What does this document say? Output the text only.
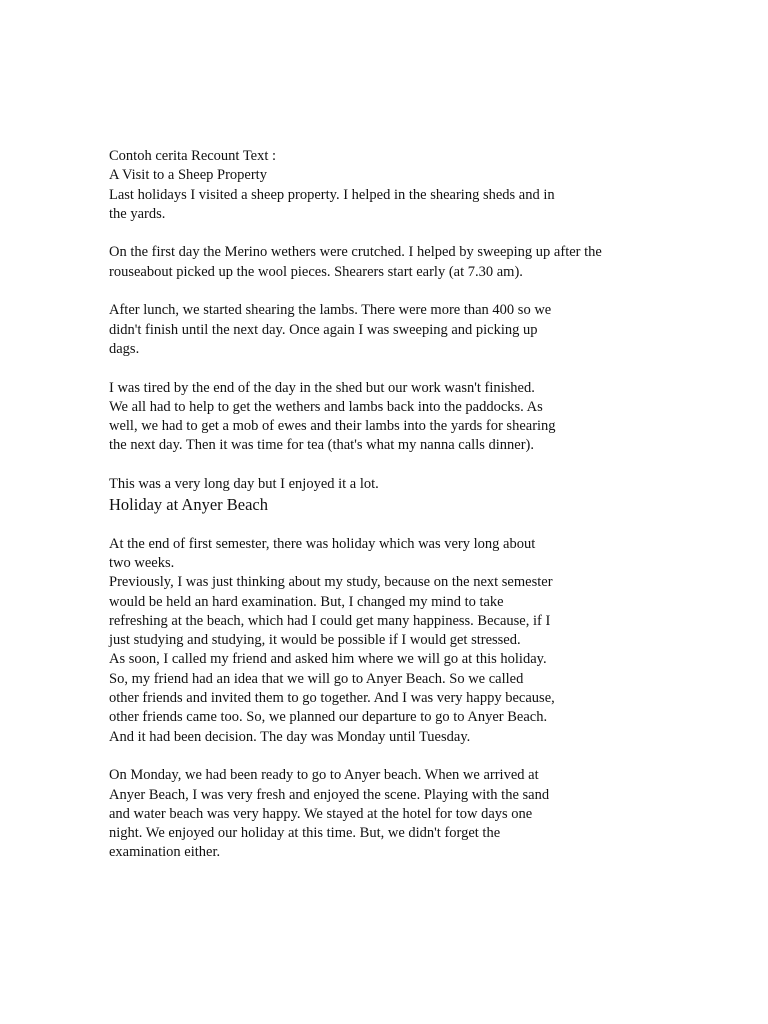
Contoh cerita Recount Text :
A Visit to a Sheep Property
Last holidays I visited a sheep property. I helped in the shearing sheds and in
the yards.
On the first day the Merino wethers were crutched. I helped by sweeping up after the
rouseabout picked up the wool pieces. Shearers start early (at 7.30 am).
After lunch, we started shearing the lambs. There were more than 400 so we
didn't finish until the next day. Once again I was sweeping and picking up
dags.
I was tired by the end of the day in the shed but our work wasn't finished.
We all had to help to get the wethers and lambs back into the paddocks. As
well, we had to get a mob of ewes and their lambs into the yards for shearing
the next day. Then it was time for tea (that's what my nanna calls dinner).
This was a very long day but I enjoyed it a lot.
Holiday at Anyer Beach
At the end of first semester, there was holiday which was very long about
two weeks.
Previously, I was just thinking about my study, because on the next semester
would be held an hard examination. But, I changed my mind to take
refreshing at the beach, which had I could get many happiness. Because, if I
just studying and studying, it would be possible if I would get stressed.
As soon, I called my friend and asked him where we will go at this holiday.
So, my friend had an idea that we will go to Anyer Beach. So we called
other friends and invited them to go together. And I was very happy because,
other friends came too. So, we planned our departure to go to Anyer Beach.
And it had been decision. The day was Monday until Tuesday.
On Monday, we had been ready to go to Anyer beach. When we arrived at
Anyer Beach, I was very fresh and enjoyed the scene. Playing with the sand
and water beach was very happy. We stayed at the hotel for tow days one
night. We enjoyed our holiday at this time. But, we didn't forget the
examination either.
